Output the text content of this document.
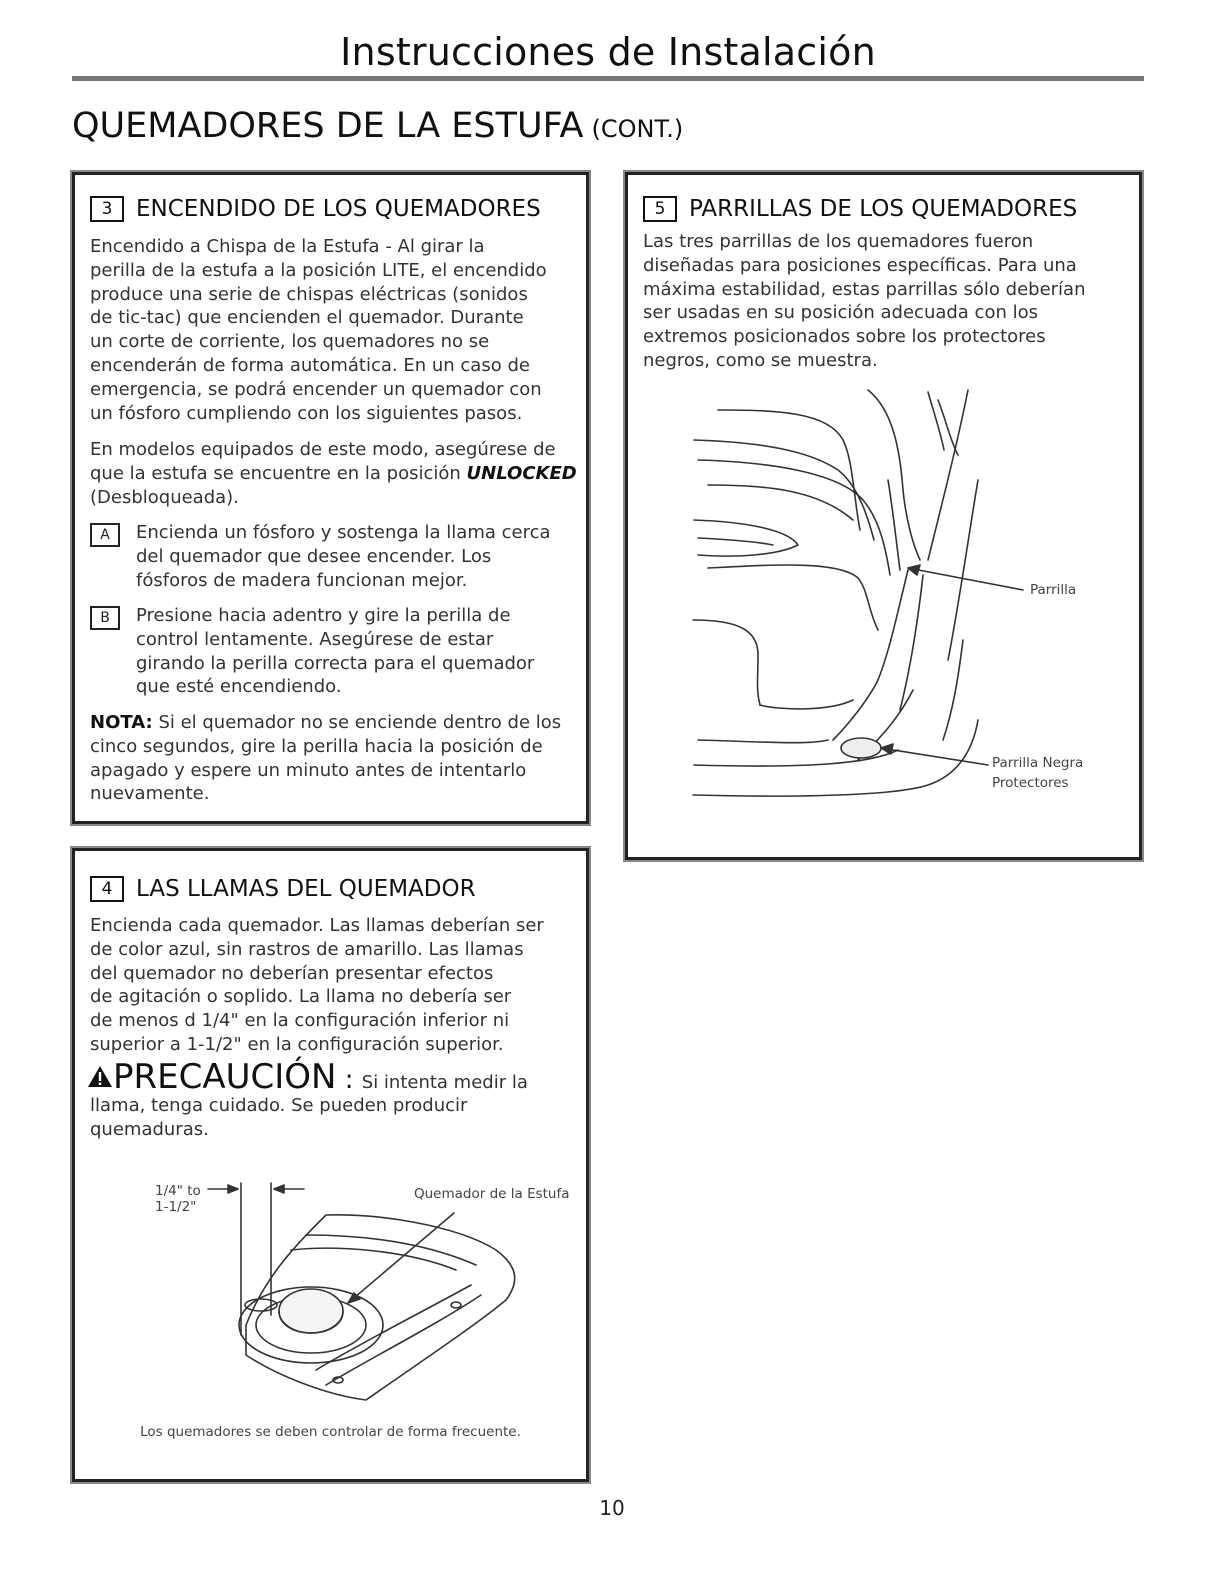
Instrucciones de Instalación
QUEMADORES DE LA ESTUFA (CONT.)
3	ENCENDIDO DE LOS QUEMADORES

Encendido a Chispa de la Estufa - Al girar la

perilla de la estufa a la posición LITE, el encendido

produce una serie de chispas eléctricas (sonidos

de tic-tac) que encienden el quemador. Durante

un corte de corriente, los quemadores no se

encenderán de forma automática. En un caso de

emergencia, se podrá encender un quemador con

un fósforo cumpliendo con los siguientes pasos.

En modelos equipados de este modo, asegúrese de

que la estufa se encuentre en la posición UNLOCKED

(Desbloqueada).

A	Encienda un fósforo y sostenga la llama cerca
del quemador que desee encender. Los
fósforos de madera funcionan mejor.
B	Presione hacia adentro y gire la perilla de
control lentamente. Asegúrese de estar
girando la perilla correcta para el quemador
que esté encendiendo.

NOTA: Si el quemador no se enciende dentro de los

cinco segundos, gire la perilla hacia la posición de

apagado y espere un minuto antes de intentarlo

nuevamente.

5	PARRILLAS DE LOS QUEMADORES

Las tres parrillas de los quemadores fueron

diseñadas para posiciones específicas. Para una

máxima estabilidad, estas parrillas sólo deberían

ser usadas en su posición adecuada con los

extremos posicionados sobre los protectores

negros, como se muestra.

Parrilla
Parrilla Negra
Protectores
4	LAS LLAMAS DEL QUEMADOR

Encienda cada quemador. Las llamas deberían ser

de color azul, sin rastros de amarillo. Las llamas

del quemador no deberían presentar efectos

de agitación o soplido. La llama no debería ser

de menos d 1/4" en la configuración inferior ni

superior a 1-1/2" en la configuración superior.

PRECAUCIÓN : Si intenta medir la

llama, tenga cuidado. Se pueden producir

quemaduras.

1/4" to
1-1/2"
Quemador de la Estufa
Los quemadores se deben controlar de forma frecuente.
10
